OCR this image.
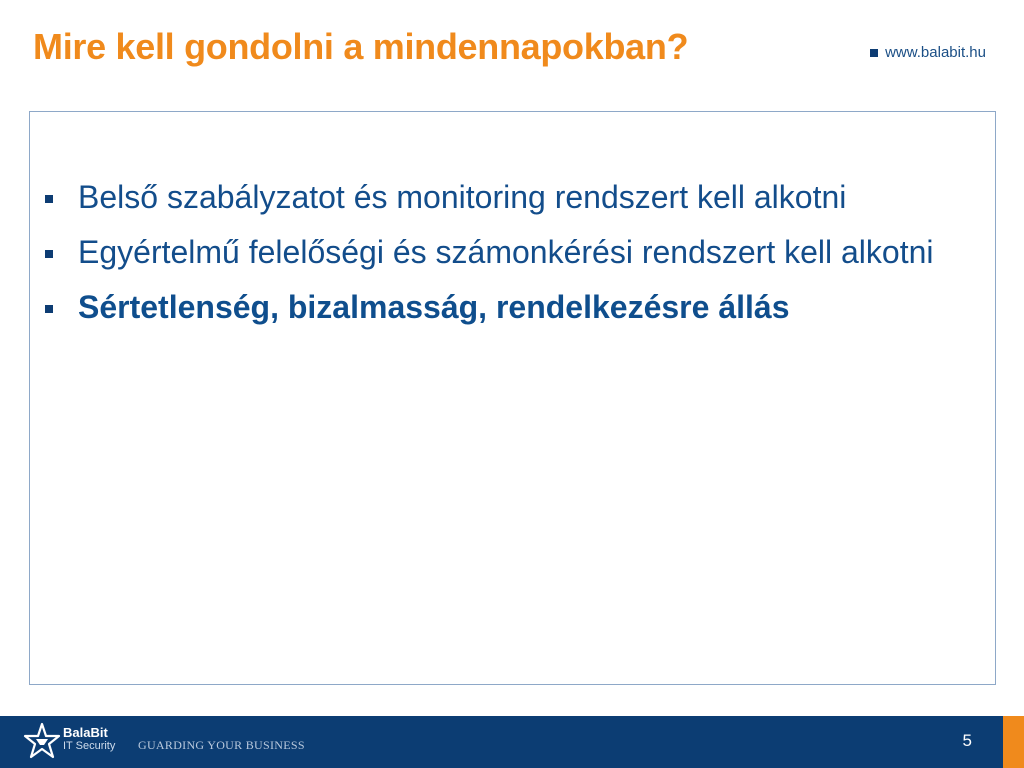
Mire kell gondolni a mindennapokban?	www.balabit.hu
Belső szabályzatot és monitoring rendszert kell alkotni
Egyértelmű felelőségi és számonkérési rendszert kell alkotni
Sértetlenség, bizalmasság, rendelkezésre állás
BalaBit
IT Security GUARDING YOUR BUSINESS	5
